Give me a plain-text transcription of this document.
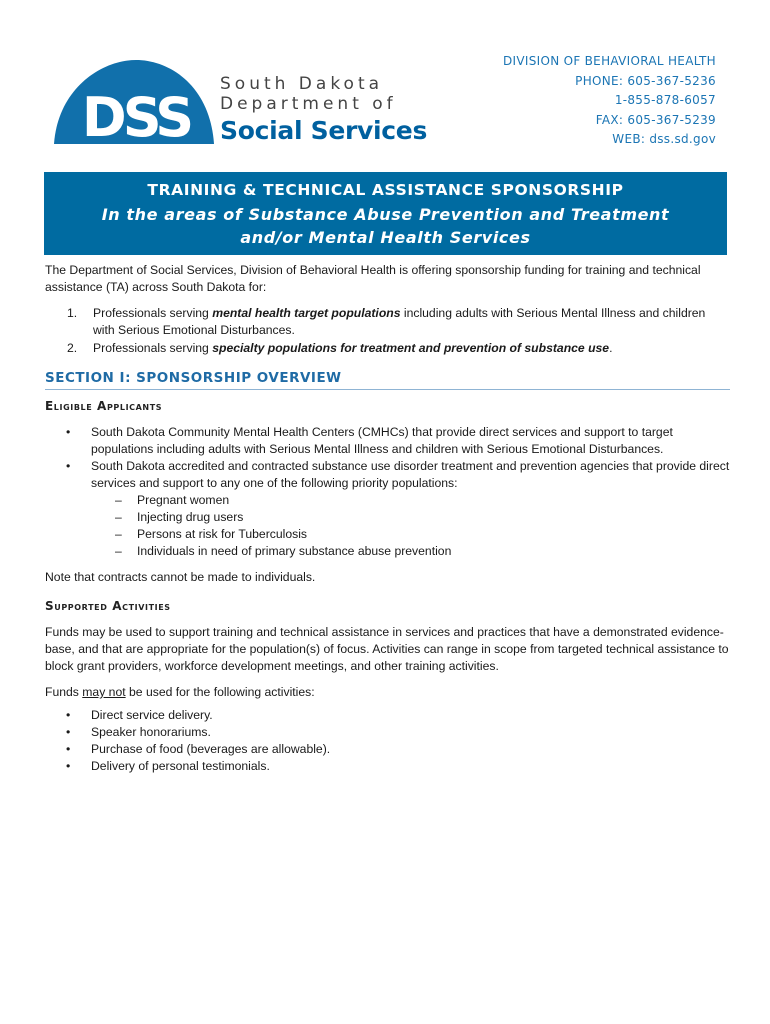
DSS
South Dakota
Department of
Social Services
DIVISION OF BEHAVIORAL HEALTH
PHONE: 605-367-5236
1-855-878-6057
FAX: 605-367-5239
WEB: dss.sd.gov
TRAINING & TECHNICAL ASSISTANCE SPONSORSHIP
In the areas of Substance Abuse Prevention and Treatment
and/or Mental Health Services

The Department of Social Services, Division of Behavioral Health is offering sponsorship funding for training and technical assistance (TA) across South Dakota for:

1. Professionals serving mental health target populations including adults with Serious Mental Illness and children with Serious Emotional Disturbances.
2. Professionals serving specialty populations for treatment and prevention of substance use.
SECTION I: SPONSORSHIP OVERVIEW
Eligible Applicants
• South Dakota Community Mental Health Centers (CMHCs) that provide direct services and support to target populations including adults with Serious Mental Illness and children with Serious Emotional Disturbances.
• South Dakota accredited and contracted substance use disorder treatment and prevention agencies that provide direct services and support to any one of the following priority populations:
– Pregnant women
– Injecting drug users
– Persons at risk for Tuberculosis
– Individuals in need of primary substance abuse prevention

Note that contracts cannot be made to individuals.

Supported Activities

Funds may be used to support training and technical assistance in services and practices that have a demonstrated evidence-base, and that are appropriate for the population(s) of focus. Activities can range in scope from targeted technical assistance to block grant providers, workforce development meetings, and other training activities.

Funds may not be used for the following activities:

• Direct service delivery.
• Speaker honorariums.
• Purchase of food (beverages are allowable).
• Delivery of personal testimonials.
